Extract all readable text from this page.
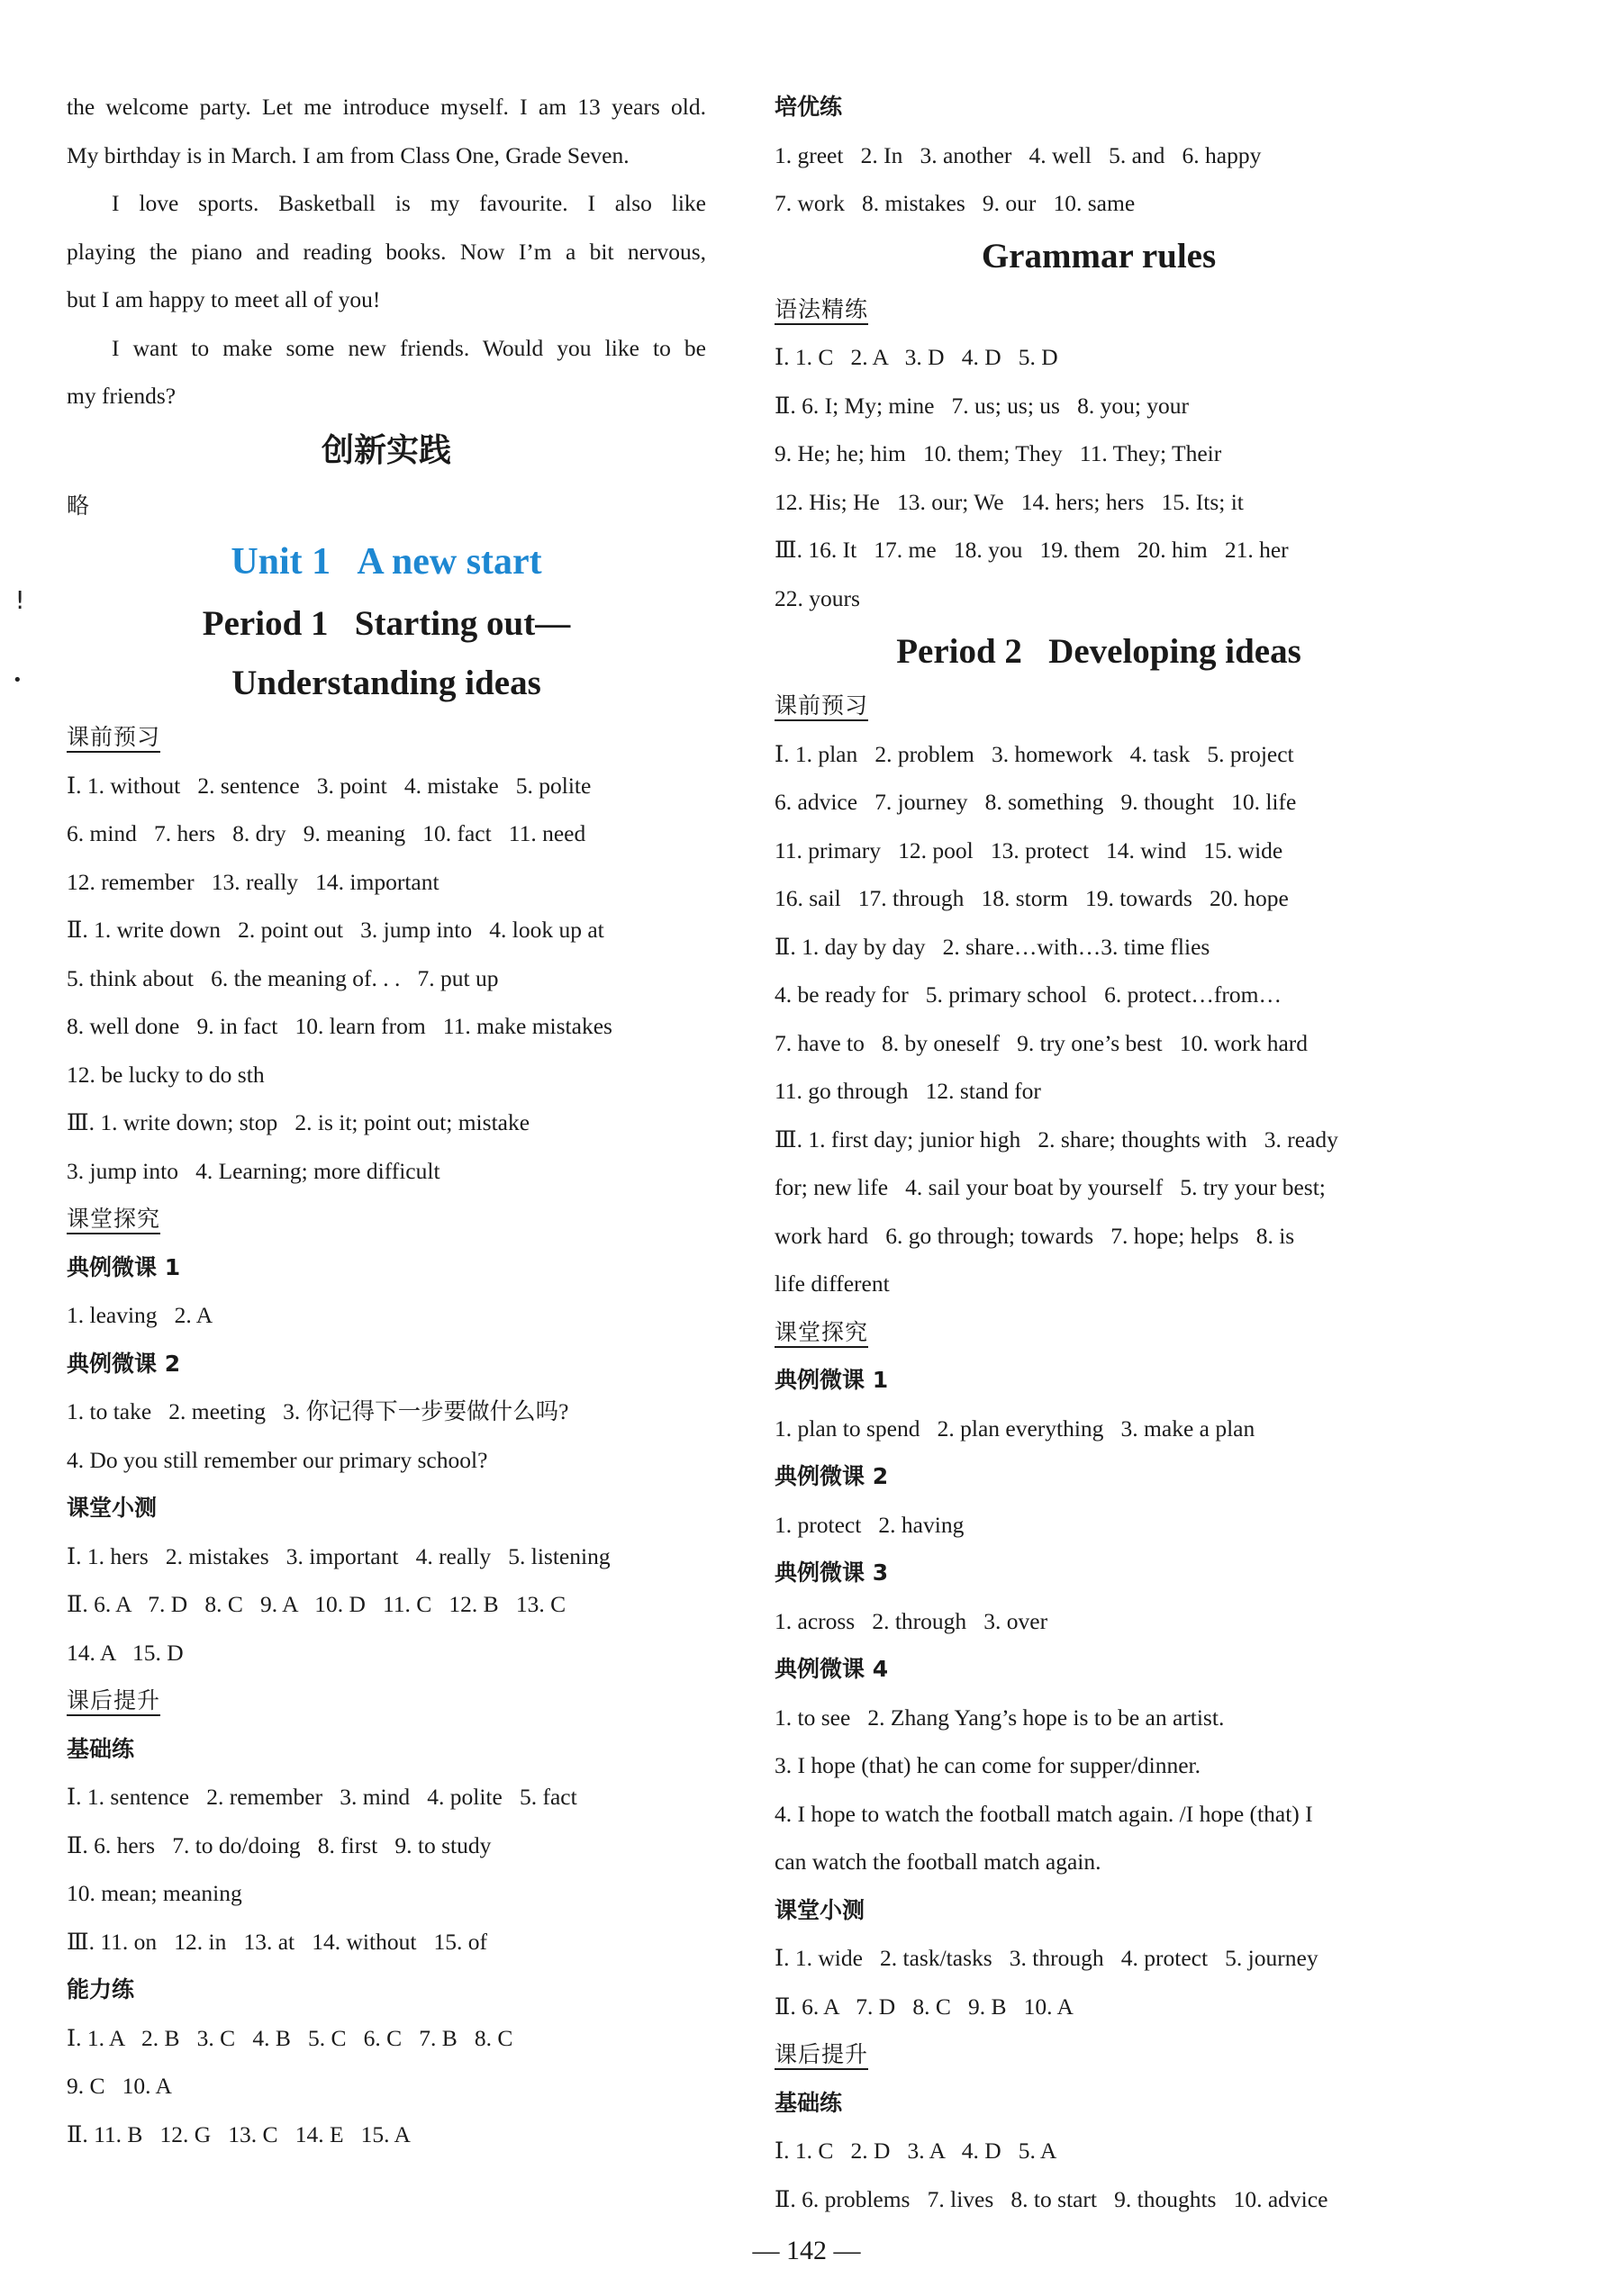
the welcome party. Let me introduce myself. I am 13 years old.
My birthday is in March. I am from Class One, Grade Seven.
I love sports. Basketball is my favourite. I also like
playing the piano and reading books. Now I’m a bit nervous,
but I am happy to meet all of you!
I want to make some new friends. Would you like to be
my friends?
创新实践
略
Unit 1   A new start
Period 1   Starting out—
Understanding ideas
课前预习
Ⅰ. 1. without   2. sentence   3. point   4. mistake   5. polite
6. mind   7. hers   8. dry   9. meaning   10. fact   11. need
12. remember   13. really   14. important
Ⅱ. 1. write down   2. point out   3. jump into   4. look up at
5. think about   6. the meaning of. . .   7. put up
8. well done   9. in fact   10. learn from   11. make mistakes
12. be lucky to do sth
Ⅲ. 1. write down; stop   2. is it; point out; mistake
3. jump into   4. Learning; more difficult
课堂探究
典例微课 1
1. leaving   2. A
典例微课 2
1. to take   2. meeting   3. 你记得下一步要做什么吗?
4. Do you still remember our primary school?
课堂小测
Ⅰ. 1. hers   2. mistakes   3. important   4. really   5. listening
Ⅱ. 6. A   7. D   8. C   9. A   10. D   11. C   12. B   13. C
14. A   15. D
课后提升
基础练
Ⅰ. 1. sentence   2. remember   3. mind   4. polite   5. fact
Ⅱ. 6. hers   7. to do/doing   8. first   9. to study
10. mean; meaning
Ⅲ. 11. on   12. in   13. at   14. without   15. of
能力练
Ⅰ. 1. A   2. B   3. C   4. B   5. C   6. C   7. B   8. C
9. C   10. A
Ⅱ. 11. B   12. G   13. C   14. E   15. A
培优练
1. greet   2. In   3. another   4. well   5. and   6. happy
7. work   8. mistakes   9. our   10. same
Grammar rules
语法精练
Ⅰ. 1. C   2. A   3. D   4. D   5. D
Ⅱ. 6. I; My; mine   7. us; us; us   8. you; your
9. He; he; him   10. them; They   11. They; Their
12. His; He   13. our; We   14. hers; hers   15. Its; it
Ⅲ. 16. It   17. me   18. you   19. them   20. him   21. her
22. yours
Period 2   Developing ideas
课前预习
Ⅰ. 1. plan   2. problem   3. homework   4. task   5. project
6. advice   7. journey   8. something   9. thought   10. life
11. primary   12. pool   13. protect   14. wind   15. wide
16. sail   17. through   18. storm   19. towards   20. hope
Ⅱ. 1. day by day   2. share…with…3. time flies
4. be ready for   5. primary school   6. protect…from…
7. have to   8. by oneself   9. try one’s best   10. work hard
11. go through   12. stand for
Ⅲ. 1. first day; junior high   2. share; thoughts with   3. ready
for; new life   4. sail your boat by yourself   5. try your best;
work hard   6. go through; towards   7. hope; helps   8. is
life different
课堂探究
典例微课 1
1. plan to spend   2. plan everything   3. make a plan
典例微课 2
1. protect   2. having
典例微课 3
1. across   2. through   3. over
典例微课 4
1. to see   2. Zhang Yang’s hope is to be an artist.
3. I hope (that) he can come for supper/dinner.
4. I hope to watch the football match again. /I hope (that) I
can watch the football match again.
课堂小测
Ⅰ. 1. wide   2. task/tasks   3. through   4. protect   5. journey
Ⅱ. 6. A   7. D   8. C   9. B   10. A
课后提升
基础练
Ⅰ. 1. C   2. D   3. A   4. D   5. A
Ⅱ. 6. problems   7. lives   8. to start   9. thoughts   10. advice
ǃ
•
— 142 —
